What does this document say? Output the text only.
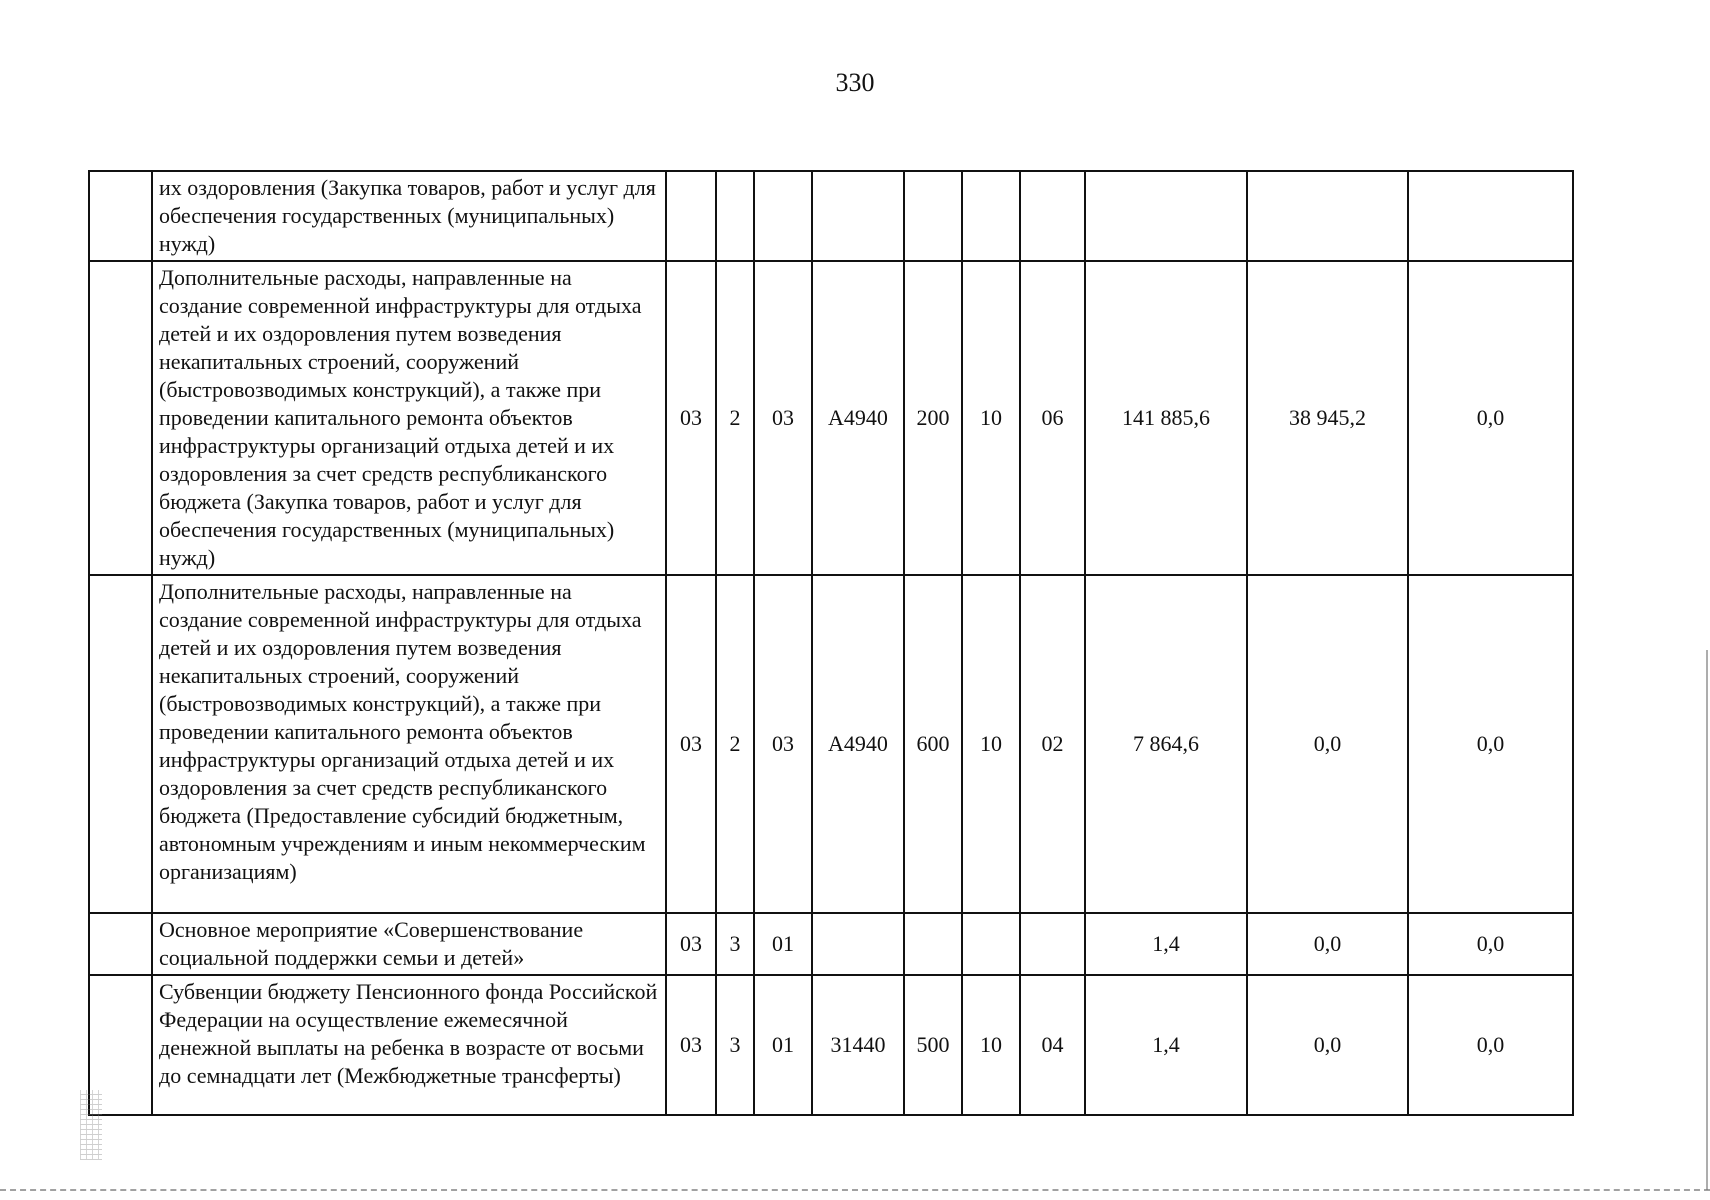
330
	их оздоровления (Закупка товаров, работ и услуг для обеспечения государственных (муниципальных) нужд)										
	Дополнительные расходы, направленные на создание современной инфраструктуры для отдыха детей и их оздоровления путем возведения некапитальных строений, сооружений (быстровозводимых конструкций), а также при проведении капитального ремонта объектов инфраструктуры организаций отдыха детей и их оздоровления за счет средств республиканского бюджета (Закупка товаров, работ и услуг для обеспечения государственных (муниципальных) нужд)	03	2	03	А4940	200	10	06	141 885,6	38 945,2	0,0
	Дополнительные расходы, направленные на создание современной инфраструктуры для отдыха детей и их оздоровления путем возведения некапитальных строений, сооружений (быстровозводимых конструкций), а также при проведении капитального ремонта объектов инфраструктуры организаций отдыха детей и их оздоровления за счет средств республиканского бюджета (Предоставление субсидий бюджетным, автономным учреждениям и иным некоммерческим организациям)	03	2	03	А4940	600	10	02	7 864,6	0,0	0,0
	Основное мероприятие «Совершенствование социальной поддержки семьи и детей»	03	3	01					1,4	0,0	0,0
	Субвенции бюджету Пенсионного фонда Российской Федерации на осуществление ежемесячной денежной выплаты на ребенка в возрасте от восьми до семнадцати лет (Межбюджетные трансферты)	03	3	01	31440	500	10	04	1,4	0,0	0,0
